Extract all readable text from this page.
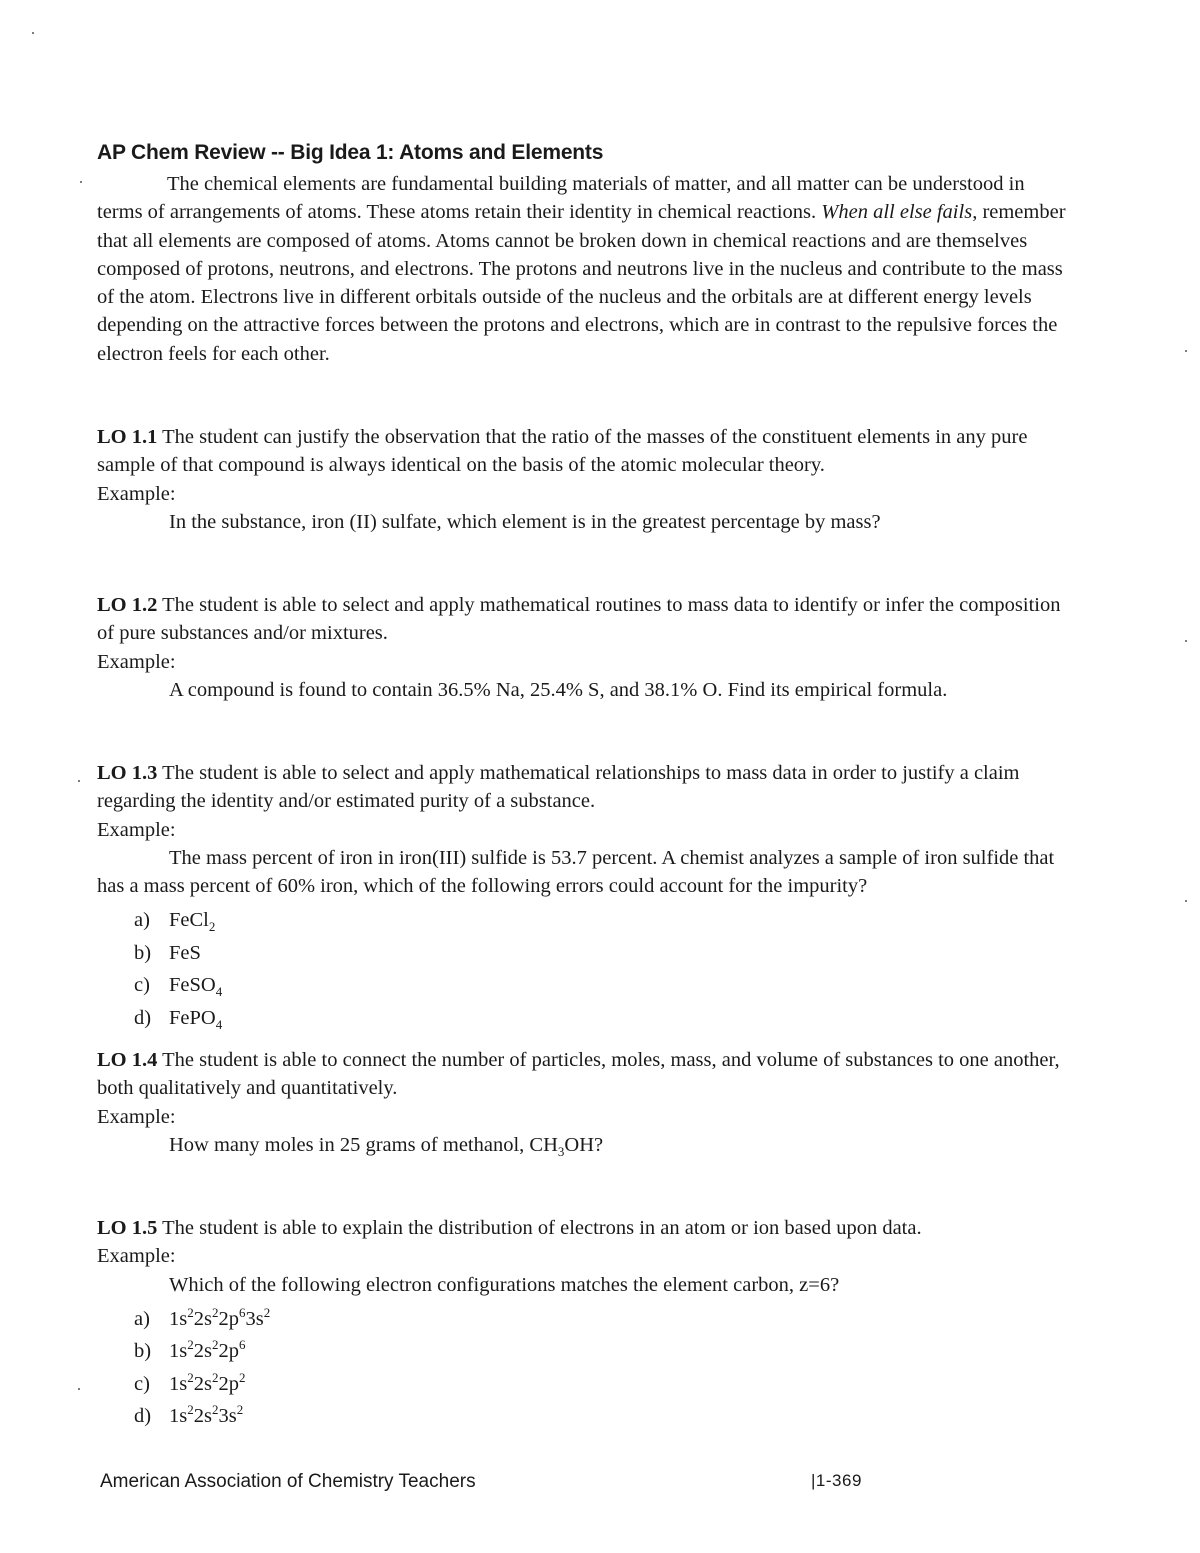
AP Chem Review -- Big Idea 1: Atoms and Elements

The chemical elements are fundamental building materials of matter, and all matter can be understood in terms of arrangements of atoms. These atoms retain their identity in chemical reactions. When all else fails, remember that all elements are composed of atoms. Atoms cannot be broken down in chemical reactions and are themselves composed of protons, neutrons, and electrons. The protons and neutrons live in the nucleus and contribute to the mass of the atom. Electrons live in different orbitals outside of the nucleus and the orbitals are at different energy levels depending on the attractive forces between the protons and electrons, which are in contrast to the repulsive forces the electron feels for each other.

LO 1.1 The student can justify the observation that the ratio of the masses of the constituent elements in any pure sample of that compound is always identical on the basis of the atomic molecular theory.
Example:
In the substance, iron (II) sulfate, which element is in the greatest percentage by mass?
LO 1.2 The student is able to select and apply mathematical routines to mass data to identify or infer the composition of pure substances and/or mixtures.
Example:
A compound is found to contain 36.5% Na, 25.4% S, and 38.1% O. Find its empirical formula.
LO 1.3 The student is able to select and apply mathematical relationships to mass data in order to justify a claim regarding the identity and/or estimated purity of a substance.
Example:
The mass percent of iron in iron(III) sulfide is 53.7 percent. A chemist analyzes a sample of iron sulfide that has a mass percent of 60% iron, which of the following errors could account for the impurity?
a) FeCl$_2$
b) FeS
c) FeSO$_4$
d) FePO$_4$
LO 1.4 The student is able to connect the number of particles, moles, mass, and volume of substances to one another, both qualitatively and quantitatively.
Example:
How many moles in 25 grams of methanol, $CH_3OH$?
LO 1.5 The student is able to explain the distribution of electrons in an atom or ion based upon data.
Example:
Which of the following electron configurations matches the element carbon, z=6?
a) $1s^22s^22p^63s^2$
b) $1s^22s^22p^6$
c) $1s^22s^22p^2$
d) $1s^22s^23s^2$
American Association of Chemistry Teachers	|1-369
